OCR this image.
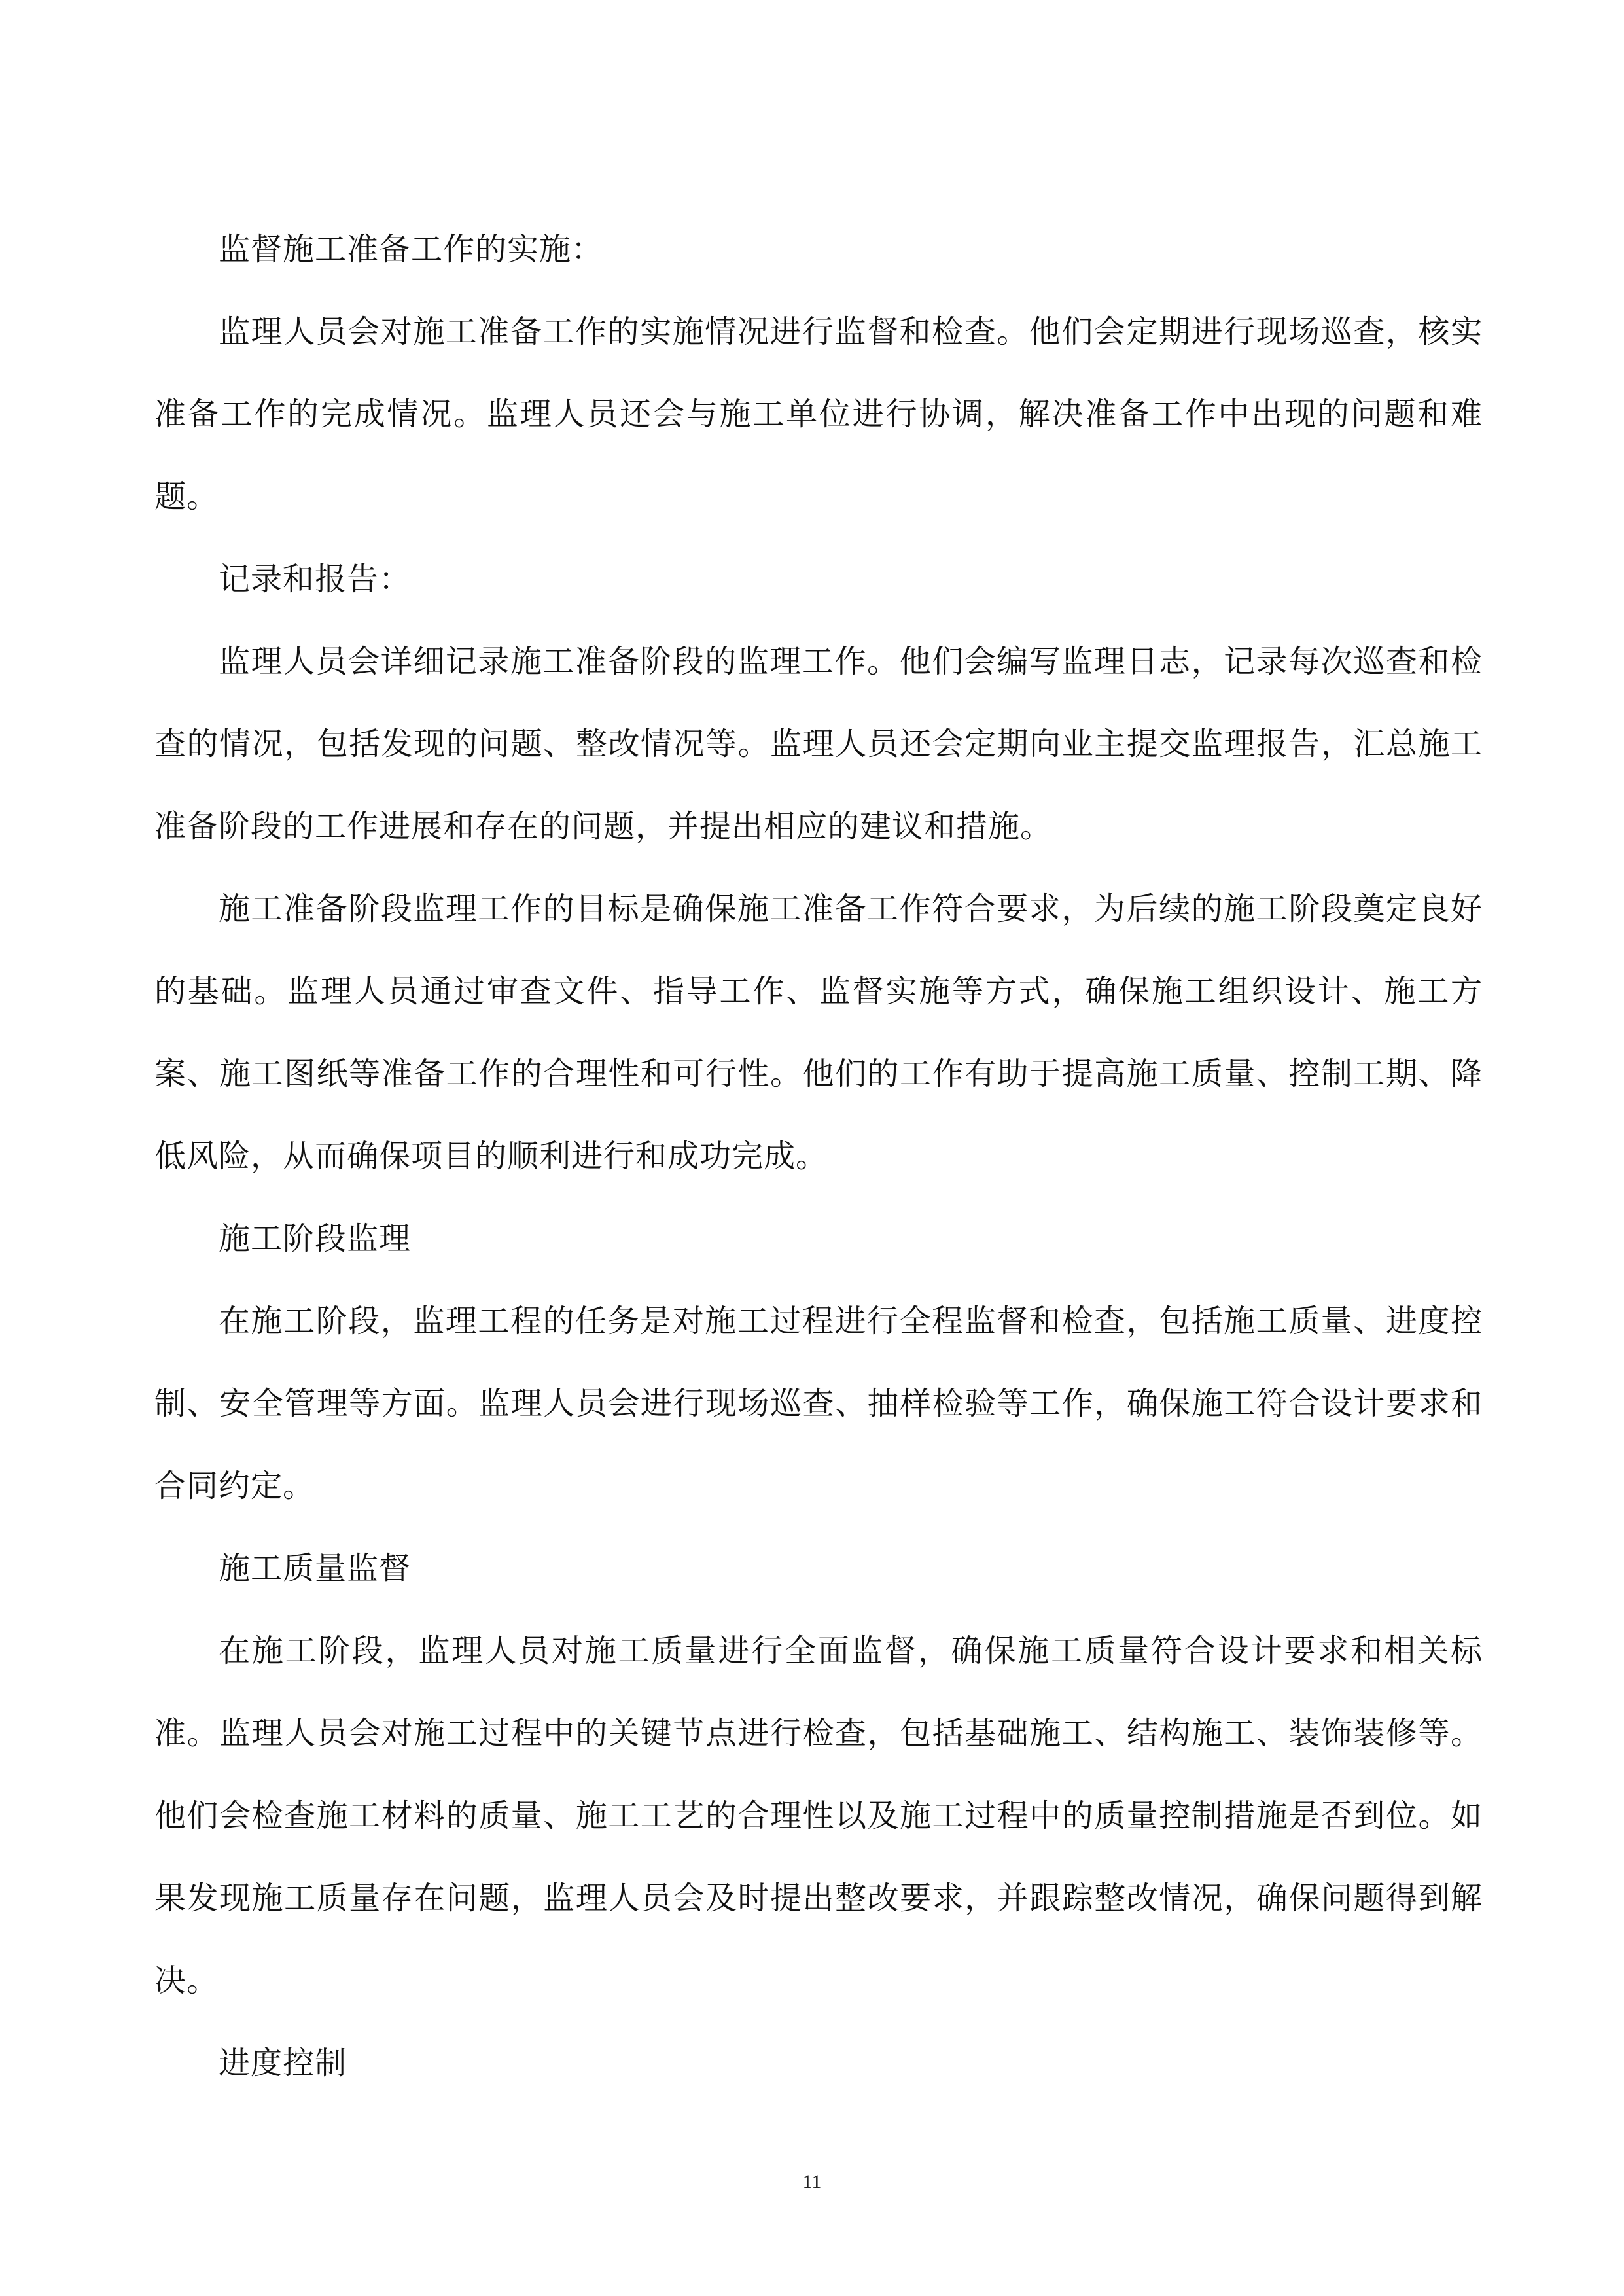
监督施工准备工作的实施：

监理人员会对施工准备工作的实施情况进行监督和检查。他们会定期进行现场巡查，核实准备工作的完成情况。监理人员还会与施工单位进行协调，解决准备工作中出现的问题和难题。

记录和报告：

监理人员会详细记录施工准备阶段的监理工作。他们会编写监理日志，记录每次巡查和检查的情况，包括发现的问题、整改情况等。监理人员还会定期向业主提交监理报告，汇总施工准备阶段的工作进展和存在的问题，并提出相应的建议和措施。

施工准备阶段监理工作的目标是确保施工准备工作符合要求，为后续的施工阶段奠定良好的基础。监理人员通过审查文件、指导工作、监督实施等方式，确保施工组织设计、施工方案、施工图纸等准备工作的合理性和可行性。他们的工作有助于提高施工质量、控制工期、降低风险，从而确保项目的顺利进行和成功完成。

施工阶段监理

在施工阶段，监理工程的任务是对施工过程进行全程监督和检查，包括施工质量、进度控制、安全管理等方面。监理人员会进行现场巡查、抽样检验等工作，确保施工符合设计要求和合同约定。

施工质量监督

在施工阶段，监理人员对施工质量进行全面监督，确保施工质量符合设计要求和相关标准。监理人员会对施工过程中的关键节点进行检查，包括基础施工、结构施工、装饰装修等。他们会检查施工材料的质量、施工工艺的合理性以及施工过程中的质量控制措施是否到位。如果发现施工质量存在问题，监理人员会及时提出整改要求，并跟踪整改情况，确保问题得到解决。

进度控制

11
